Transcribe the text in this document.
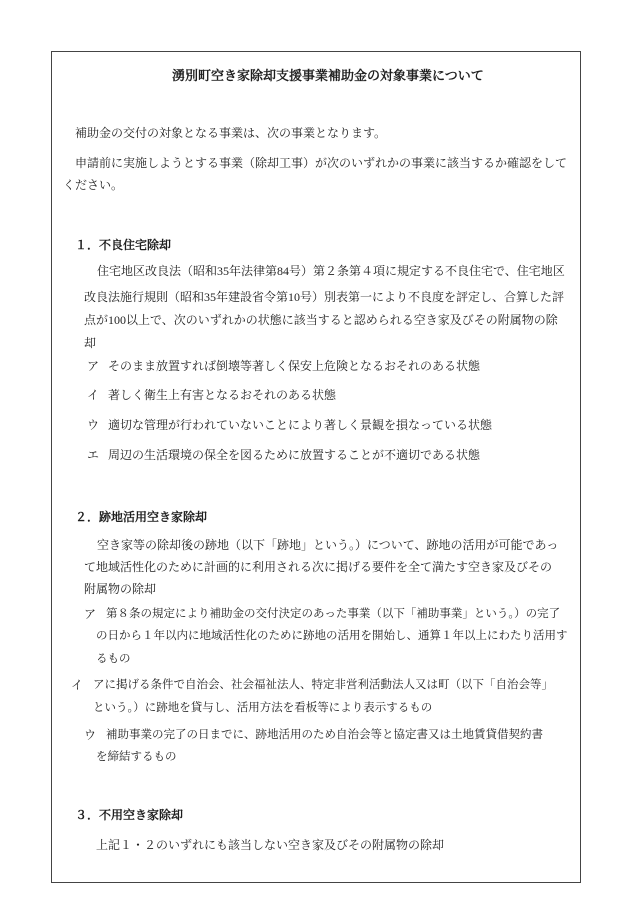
湧別町空き家除却支援事業補助金の対象事業について
補助金の交付の対象となる事業は、次の事業となります。
申請前に実施しようとする事業（除却工事）が次のいずれかの事業に該当するか確認をして
ください。
１．不良住宅除却
住宅地区改良法（昭和35年法律第84号）第２条第４項に規定する不良住宅で、住宅地区
改良法施行規則（昭和35年建設省令第10号）別表第一により不良度を評定し、合算した評
点が100以上で、次のいずれかの状態に該当すると認められる空き家及びその附属物の除
却
ア そのまま放置すれば倒壊等著しく保安上危険となるおそれのある状態
イ 著しく衛生上有害となるおそれのある状態
ウ 適切な管理が行われていないことにより著しく景観を損なっている状態
エ 周辺の生活環境の保全を図るために放置することが不適切である状態
２．跡地活用空き家除却
空き家等の除却後の跡地（以下「跡地」という。）について、跡地の活用が可能であっ
て地域活性化のために計画的に利用される次に掲げる要件を全て満たす空き家及びその
附属物の除却
ア 第８条の規定により補助金の交付決定のあった事業（以下「補助事業」という。）の完了
の日から１年以内に地域活性化のために跡地の活用を開始し、通算１年以上にわたり活用す
るもの
イ アに掲げる条件で自治会、社会福祉法人、特定非営利活動法人又は町（以下「自治会等」
という。）に跡地を貸与し、活用方法を看板等により表示するもの
ウ 補助事業の完了の日までに、跡地活用のため自治会等と協定書又は土地賃貸借契約書
を締結するもの
３．不用空き家除却
上記１・２のいずれにも該当しない空き家及びその附属物の除却
